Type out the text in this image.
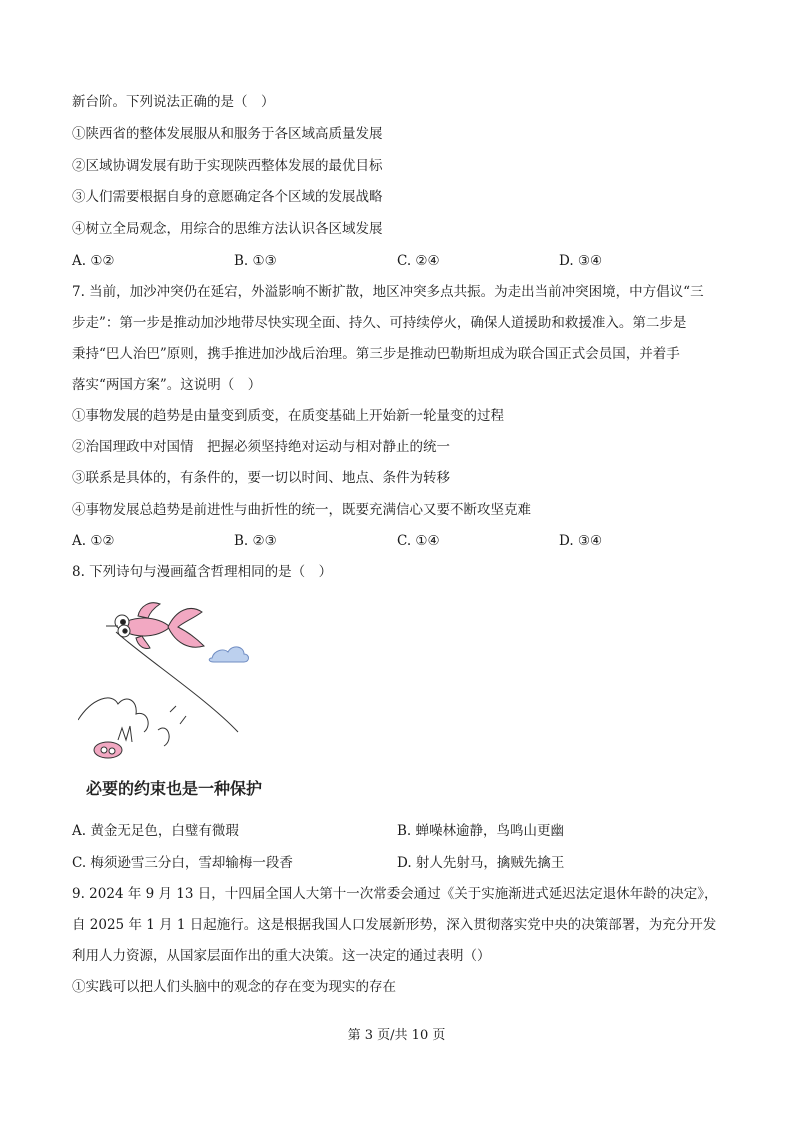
新台阶。下列说法正确的是（　）
①陕西省的整体发展服从和服务于各区域高质量发展
②区域协调发展有助于实现陕西整体发展的最优目标
③人们需要根据自身的意愿确定各个区域的发展战略
④树立全局观念，用综合的思维方法认识各区域发展
A. ①②	B. ①③	C. ②④	D. ③④
7. 当前，加沙冲突仍在延宕，外溢影响不断扩散，地区冲突多点共振。为走出当前冲突困境，中方倡议“三
步走”：第一步是推动加沙地带尽快实现全面、持久、可持续停火，确保人道援助和救援准入。第二步是
秉持“巴人治巴”原则，携手推进加沙战后治理。第三步是推动巴勒斯坦成为联合国正式会员国，并着手
落实“两国方案”。这说明（　）
①事物发展的趋势是由量变到质变，在质变基础上开始新一轮量变的过程
②治国理政中对国情　把握必须坚持绝对运动与相对静止的统一
③联系是具体的，有条件的，要一切以时间、地点、条件为转移
④事物发展总趋势是前进性与曲折性的统一，既要充满信心又要不断攻坚克难
A. ①②	B. ②③	C. ①④	D. ③④
8. 下列诗句与漫画蕴含哲理相同的是（　）
必要的约束也是一种保护
A. 黄金无足色，白璧有微瑕	B. 蝉噪林逾静，鸟鸣山更幽
C. 梅须逊雪三分白，雪却输梅一段香	D. 射人先射马，擒贼先擒王
9. 2024 年 9 月 13 日，十四届全国人大第十一次常委会通过《关于实施渐进式延迟法定退休年龄的决定》，
自 2025 年 1 月 1 日起施行。这是根据我国人口发展新形势，深入贯彻落实党中央的决策部署，为充分开发
利用人力资源，从国家层面作出的重大决策。这一决定的通过表明（）
①实践可以把人们头脑中的观念的存在变为现实的存在
第 3 页/共 10 页
